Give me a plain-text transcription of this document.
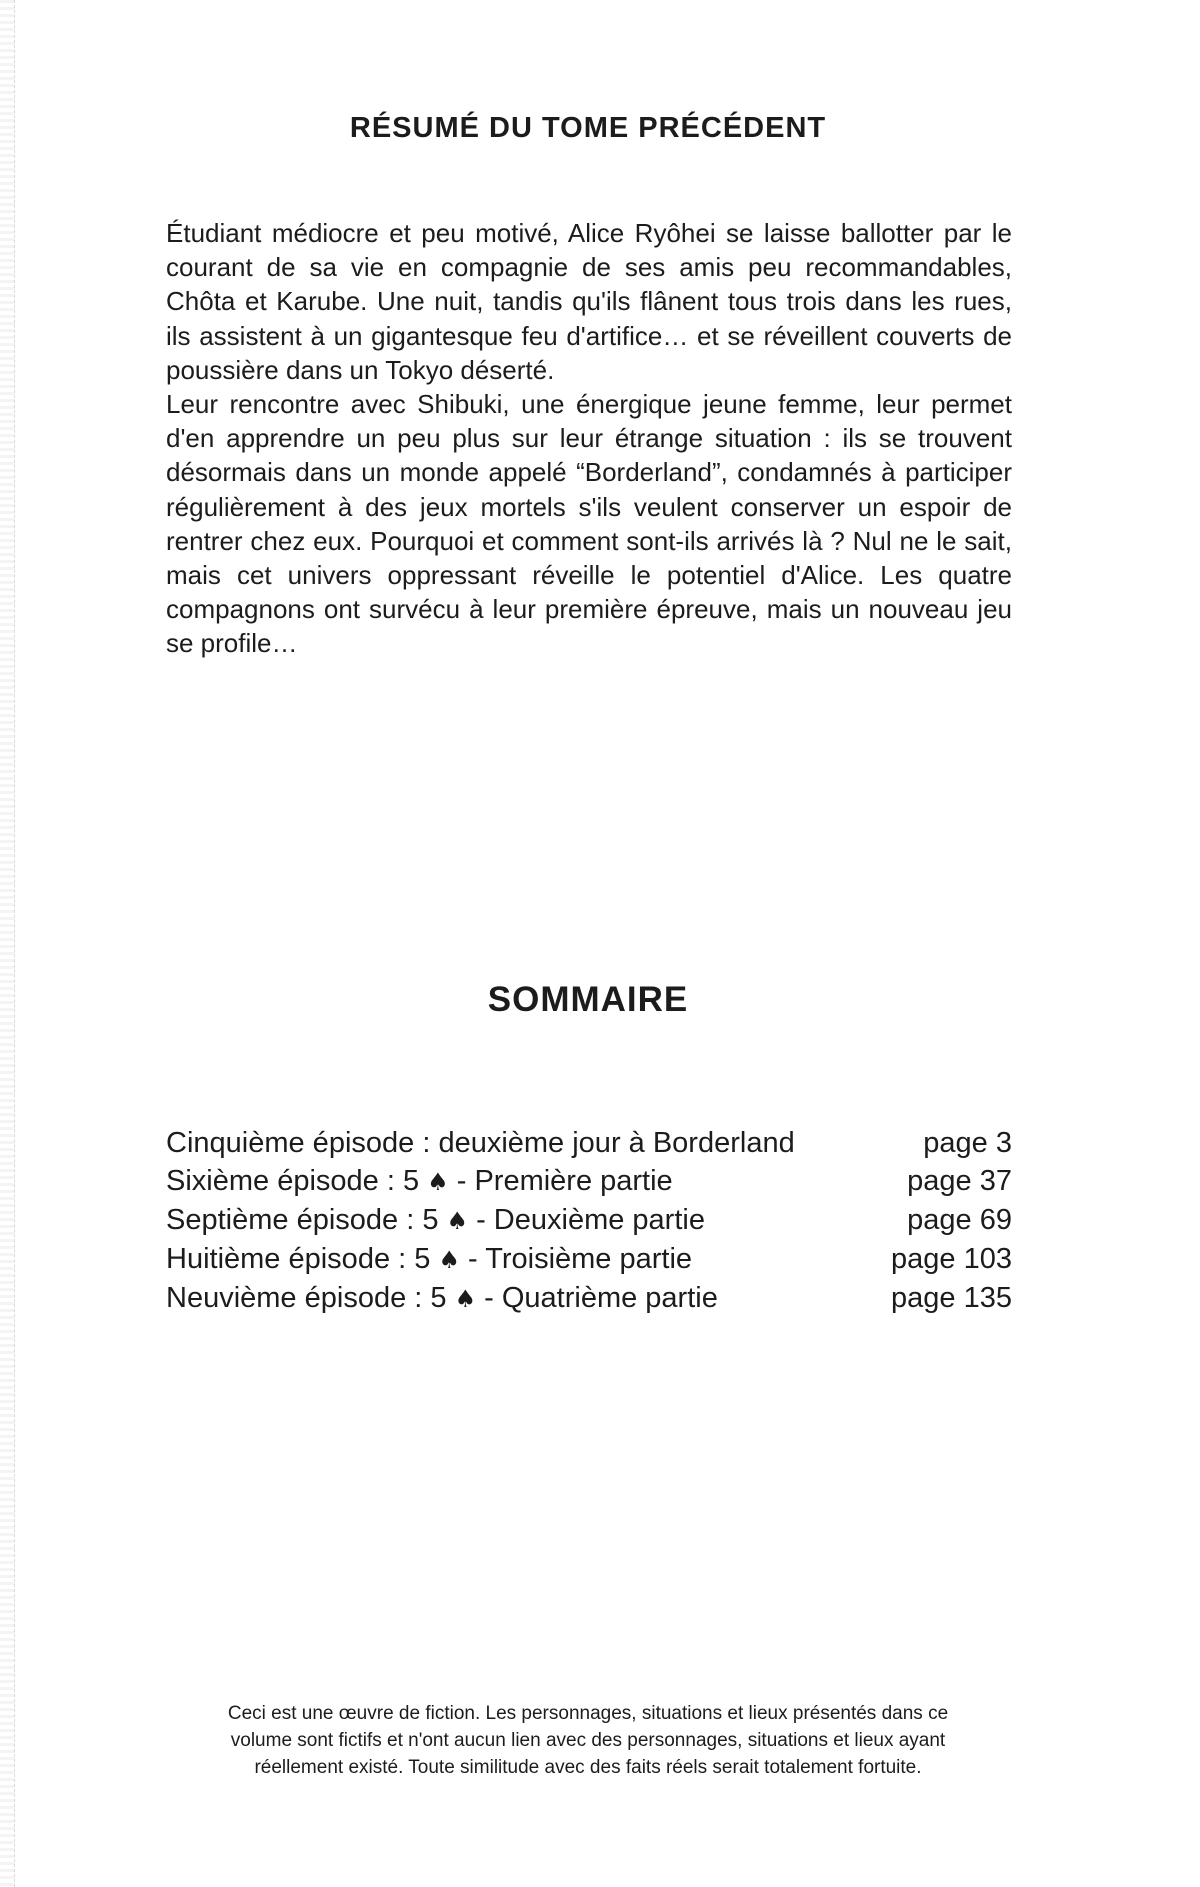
RÉSUMÉ DU TOME PRÉCÉDENT

Étudiant médiocre et peu motivé, Alice Ryôhei se laisse ballotter par le courant de sa vie en compagnie de ses amis peu recommandables, Chôta et Karube. Une nuit, tandis qu'ils flânent tous trois dans les rues, ils assistent à un gigantesque feu d'artifice… et se réveillent couverts de poussière dans un Tokyo déserté.

Leur rencontre avec Shibuki, une énergique jeune femme, leur permet d'en apprendre un peu plus sur leur étrange situation : ils se trouvent désormais dans un monde appelé “Borderland”, condamnés à participer régulièrement à des jeux mortels s'ils veulent conserver un espoir de rentrer chez eux. Pourquoi et comment sont-ils arrivés là ? Nul ne le sait, mais cet univers oppressant réveille le potentiel d'Alice. Les quatre compagnons ont survécu à leur première épreuve, mais un nouveau jeu se profile…

SOMMAIRE
Cinquième épisode : deuxième jour à Borderland	page 3
Sixième épisode : 5 ♠ - Première partie	page 37
Septième épisode : 5 ♠ - Deuxième partie	page 69
Huitième épisode : 5 ♠ - Troisième partie	page 103
Neuvième épisode : 5 ♠ - Quatrième partie	page 135

Ceci est une œuvre de fiction. Les personnages, situations et lieux présentés dans ce
volume sont fictifs et n'ont aucun lien avec des personnages, situations et lieux ayant
réellement existé. Toute similitude avec des faits réels serait totalement fortuite.
